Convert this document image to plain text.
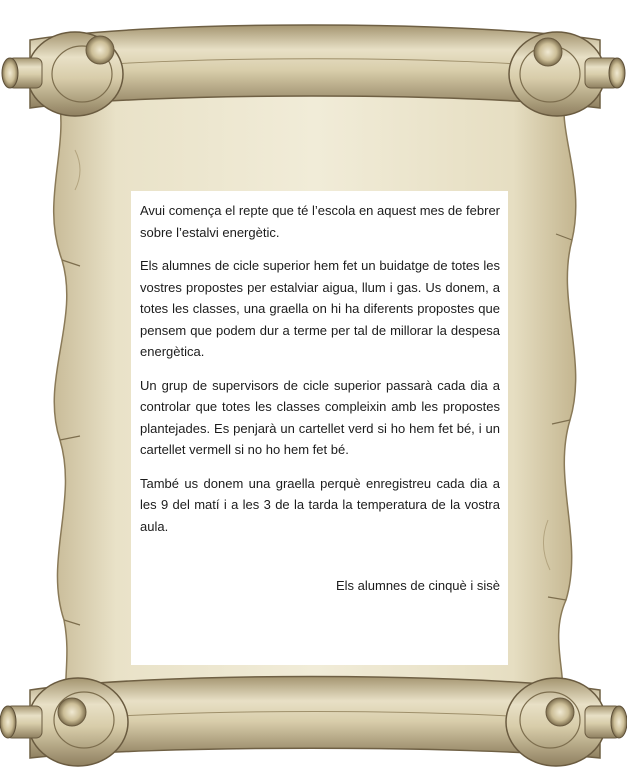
Avui comença el repte que té l’escola en aquest mes de febrer sobre l’estalvi energètic.

Els alumnes de cicle superior hem fet un buidatge de totes les vostres propostes per estalviar aigua, llum i gas. Us donem, a totes les classes, una graella on hi ha diferents propostes que pensem que podem dur a terme per tal de millorar la despesa energètica.

Un grup de supervisors de cicle superior passarà cada dia a controlar que totes les classes compleixin amb les propostes plantejades. Es penjarà un cartellet verd si ho hem fet bé, i un cartellet vermell si no ho hem fet bé.

També us donem una graella perquè enregistreu cada dia a les 9 del matí i a les 3 de la tarda la temperatura de la vostra aula.

Els alumnes de cinquè i sisè
